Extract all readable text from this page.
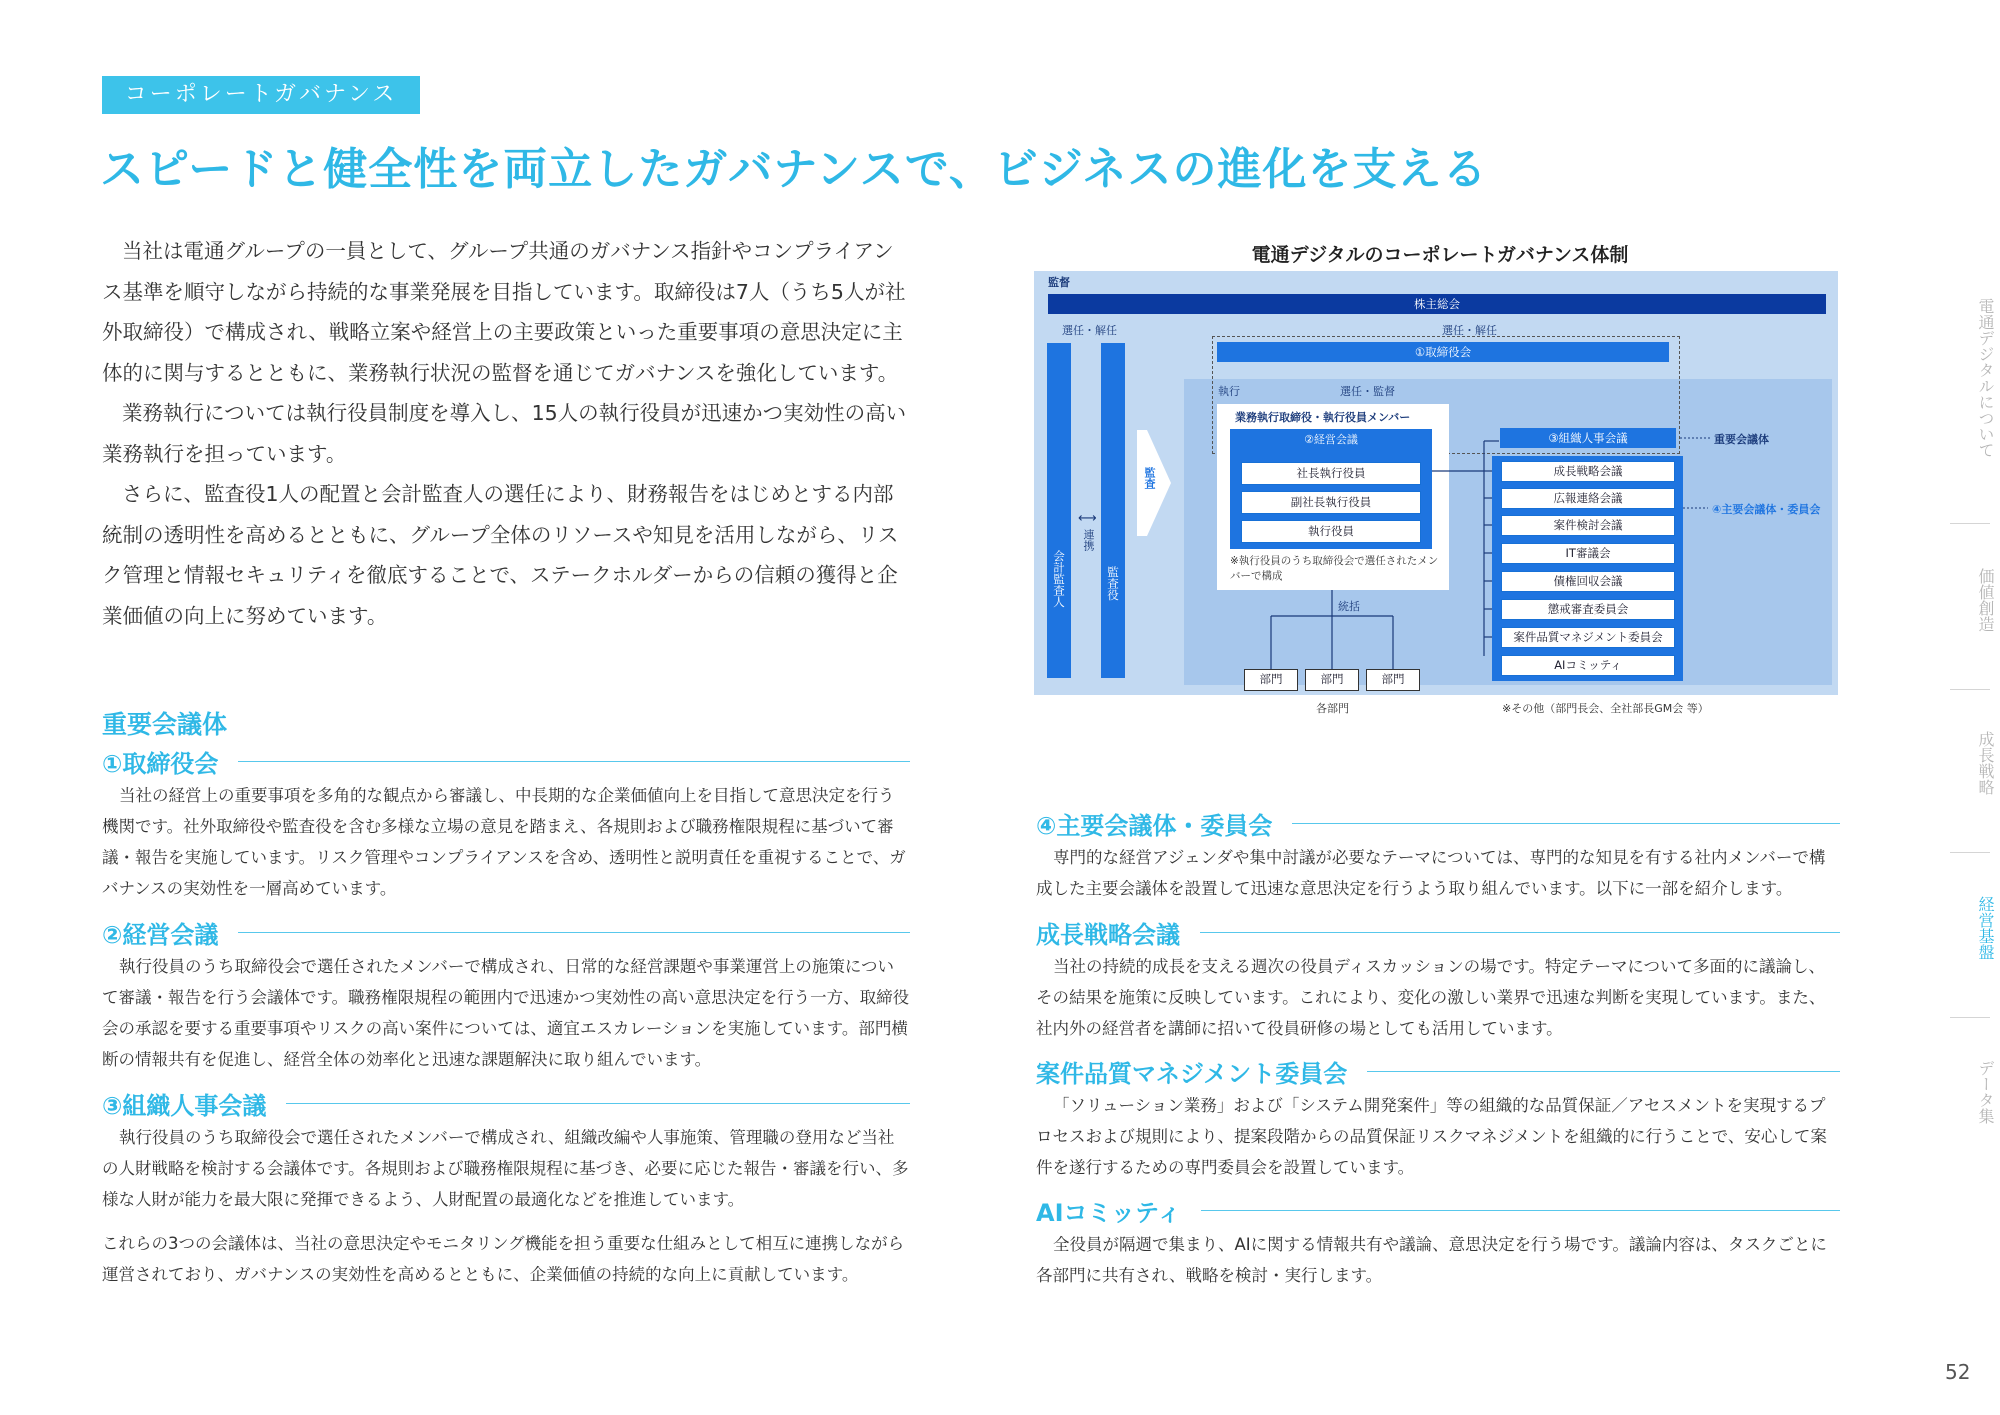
コーポレートガバナンス
スピードと健全性を両立したガバナンスで、ビジネスの進化を支える

当社は電通グループの一員として、グループ共通のガバナンス指針やコンプライアンス基準を順守しながら持続的な事業発展を目指しています。取締役は7人（うち5人が社外取締役）で構成され、戦略立案や経営上の主要政策といった重要事項の意思決定に主体的に関与するとともに、業務執行状況の監督を通じてガバナンスを強化しています。

業務執行については執行役員制度を導入し、15人の執行役員が迅速かつ実効性の高い業務執行を担っています。

さらに、監査役1人の配置と会計監査人の選任により、財務報告をはじめとする内部統制の透明性を高めるとともに、グループ全体のリソースや知見を活用しながら、リスク管理と情報セキュリティを徹底することで、ステークホルダーからの信頼の獲得と企業価値の向上に努めています。

重要会議体
①取締役会

当社の経営上の重要事項を多角的な観点から審議し、中長期的な企業価値向上を目指して意思決定を行う機関です。社外取締役や監査役を含む多様な立場の意見を踏まえ、各規則および職務権限規程に基づいて審議・報告を実施しています。リスク管理やコンプライアンスを含め、透明性と説明責任を重視することで、ガバナンスの実効性を一層高めています。

②経営会議

執行役員のうち取締役会で選任されたメンバーで構成され、日常的な経営課題や事業運営上の施策について審議・報告を行う会議体です。職務権限規程の範囲内で迅速かつ実効性の高い意思決定を行う一方、取締役会の承認を要する重要事項やリスクの高い案件については、適宜エスカレーションを実施しています。部門横断の情報共有を促進し、経営全体の効率化と迅速な課題解決に取り組んでいます。

③組織人事会議

執行役員のうち取締役会で選任されたメンバーで構成され、組織改編や人事施策、管理職の登用など当社の人財戦略を検討する会議体です。各規則および職務権限規程に基づき、必要に応じた報告・審議を行い、多様な人財が能力を最大限に発揮できるよう、人財配置の最適化などを推進しています。

これらの3つの会議体は、当社の意思決定やモニタリング機能を担う重要な仕組みとして相互に連携しながら運営されており、ガバナンスの実効性を高めるとともに、企業価値の持続的な向上に貢献しています。

電通デジタルのコーポレートガバナンス体制
監督
株主総会
選任・解任	選任・解任
①取締役会
執行	選任・監督
会計監査人
⟷
連携
監査役
監査
業務執行取締役・執行役員メンバー
②経営会議
社長執行役員
副社長執行役員
執行役員
※執行役員のうち取締役会で選任されたメンバーで構成
③組織人事会議	重要会議体
④主要会議体・委員会
成長戦略会議
広報連絡会議
案件検討会議
IT審議会
債権回収会議
懲戒審査委員会
案件品質マネジメント委員会
AIコミッティ
統括
部門	部門	部門
各部門	※その他（部門長会、全社部長GM会 等）
④主要会議体・委員会

専門的な経営アジェンダや集中討議が必要なテーマについては、専門的な知見を有する社内メンバーで構成した主要会議体を設置して迅速な意思決定を行うよう取り組んでいます。以下に一部を紹介します。

成長戦略会議

当社の持続的成長を支える週次の役員ディスカッションの場です。特定テーマについて多面的に議論し、その結果を施策に反映しています。これにより、変化の激しい業界で迅速な判断を実現しています。また、社内外の経営者を講師に招いて役員研修の場としても活用しています。

案件品質マネジメント委員会

「ソリューション業務」および「システム開発案件」等の組織的な品質保証／アセスメントを実現するプロセスおよび規則により、提案段階からの品質保証リスクマネジメントを組織的に行うことで、安心して案件を遂行するための専門委員会を設置しています。

AIコミッティ

全役員が隔週で集まり、AIに関する情報共有や議論、意思決定を行う場です。議論内容は、タスクごとに各部門に共有され、戦略を検討・実行します。

電通デジタルについて
価値創造
成長戦略
経営基盤
データ集
52
